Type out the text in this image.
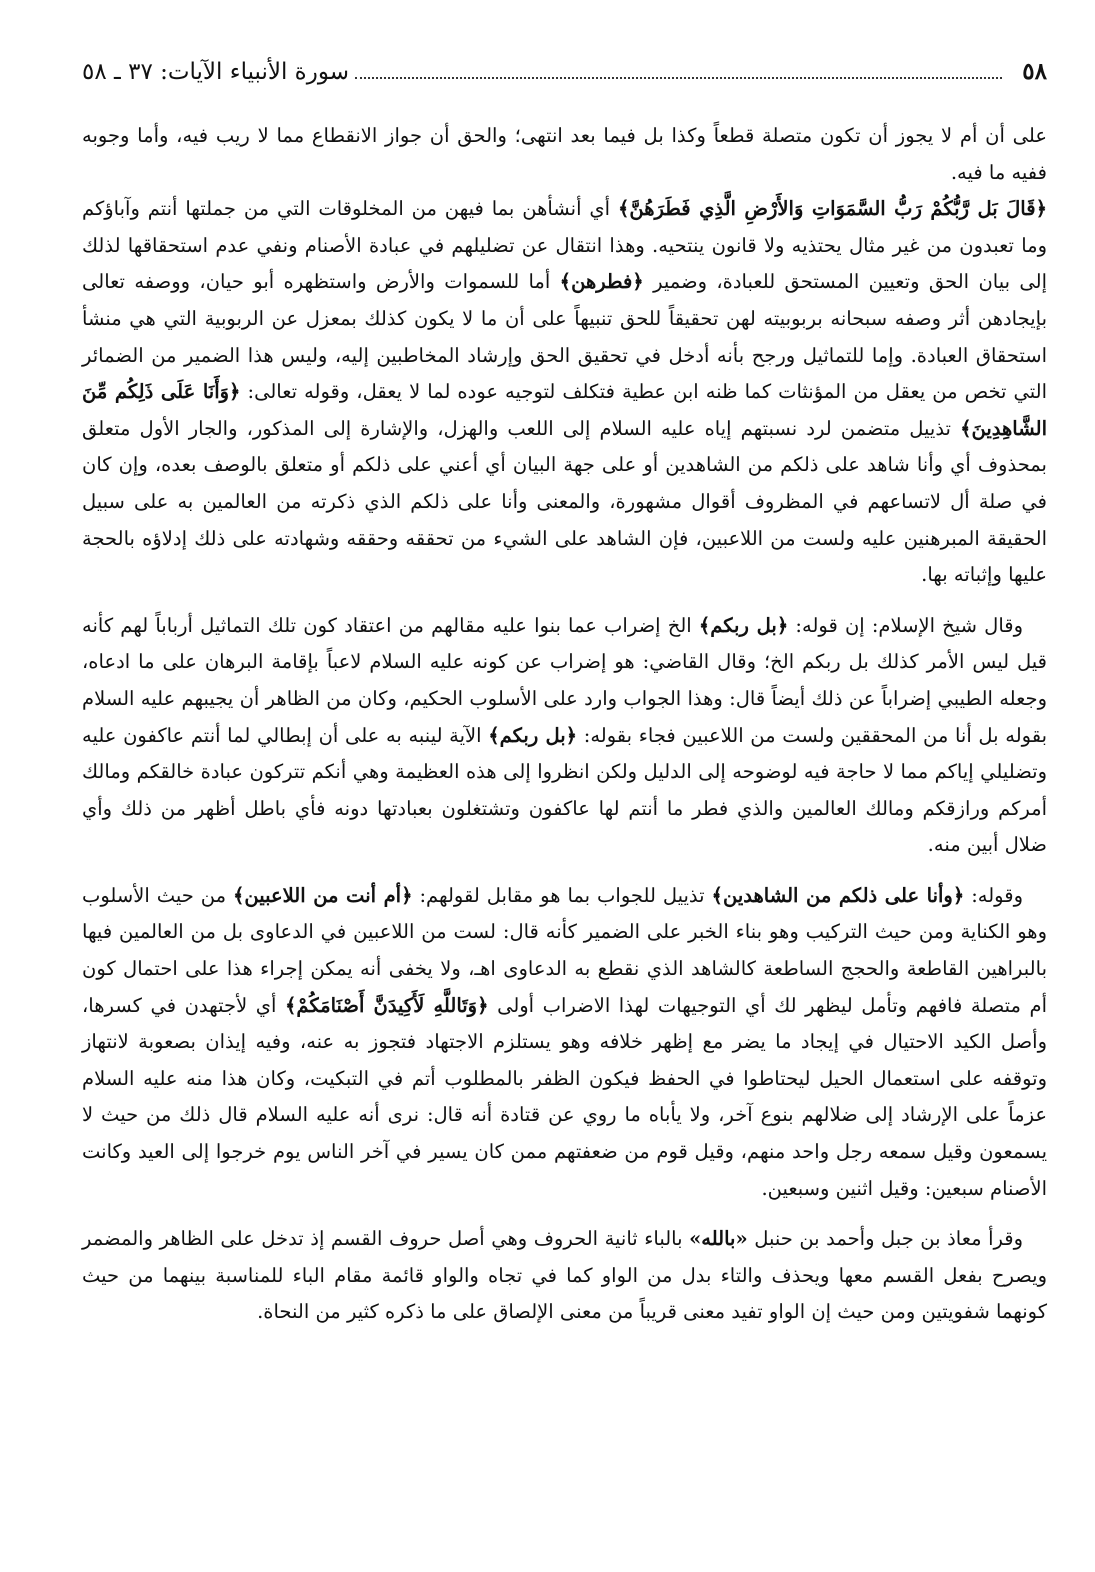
٥٨
سورة الأنبياء الآيات: ٣٧ ـ ٥٨

على أن أم لا يجوز أن تكون متصلة قطعاً وكذا بل فيما بعد انتهى؛ والحق أن جواز الانقطاع مما لا ريب فيه، وأما وجوبه ففيه ما فيه.

﴿قَالَ بَل رَّبُّكُمْ رَبُّ السَّمَوَاتِ وَالأَرْضِ الَّذِي فَطَرَهُنَّ﴾ أي أنشأهن بما فيهن من المخلوقات التي من جملتها أنتم وآباؤكم وما تعبدون من غير مثال يحتذيه ولا قانون ينتحيه. وهذا انتقال عن تضليلهم في عبادة الأصنام ونفي عدم استحقاقها لذلك إلى بيان الحق وتعيين المستحق للعبادة، وضمير ﴿فطرهن﴾ أما للسموات والأرض واستظهره أبو حيان، ووصفه تعالى بإيجادهن أثر وصفه سبحانه بربوبيته لهن تحقيقاً للحق تنبيهاً على أن ما لا يكون كذلك بمعزل عن الربوبية التي هي منشأ استحقاق العبادة. وإما للتماثيل ورجح بأنه أدخل في تحقيق الحق وإرشاد المخاطبين إليه، وليس هذا الضمير من الضمائر التي تخص من يعقل من المؤنثات كما ظنه ابن عطية فتكلف لتوجيه عوده لما لا يعقل، وقوله تعالى: ﴿وَأَنَا عَلَى ذَلِكُم مِّنَ الشَّاهِدِينَ﴾ تذييل متضمن لرد نسبتهم إياه عليه السلام إلى اللعب والهزل، والإشارة إلى المذكور، والجار الأول متعلق بمحذوف أي وأنا شاهد على ذلكم من الشاهدين أو على جهة البيان أي أعني على ذلكم أو متعلق بالوصف بعده، وإن كان في صلة أل لاتساعهم في المظروف أقوال مشهورة، والمعنى وأنا على ذلكم الذي ذكرته من العالمين به على سبيل الحقيقة المبرهنين عليه ولست من اللاعبين، فإن الشاهد على الشيء من تحققه وحققه وشهادته على ذلك إدلاؤه بالحجة عليها وإثباته بها.

وقال شيخ الإسلام: إن قوله: ﴿بل ربكم﴾ الخ إضراب عما بنوا عليه مقالهم من اعتقاد كون تلك التماثيل أرباباً لهم كأنه قيل ليس الأمر كذلك بل ربكم الخ؛ وقال القاضي: هو إضراب عن كونه عليه السلام لاعباً بإقامة البرهان على ما ادعاه، وجعله الطيبي إضراباً عن ذلك أيضاً قال: وهذا الجواب وارد على الأسلوب الحكيم، وكان من الظاهر أن يجيبهم عليه السلام بقوله بل أنا من المحققين ولست من اللاعبين فجاء بقوله: ﴿بل ربكم﴾ الآية لينبه به على أن إبطالي لما أنتم عاكفون عليه وتضليلي إياكم مما لا حاجة فيه لوضوحه إلى الدليل ولكن انظروا إلى هذه العظيمة وهي أنكم تتركون عبادة خالقكم ومالك أمركم ورازقكم ومالك العالمين والذي فطر ما أنتم لها عاكفون وتشتغلون بعبادتها دونه فأي باطل أظهر من ذلك وأي ضلال أبين منه.

وقوله: ﴿وأنا على ذلكم من الشاهدين﴾ تذييل للجواب بما هو مقابل لقولهم: ﴿أم أنت من اللاعبين﴾ من حيث الأسلوب وهو الكناية ومن حيث التركيب وهو بناء الخبر على الضمير كأنه قال: لست من اللاعبين في الدعاوى بل من العالمين فيها بالبراهين القاطعة والحجج الساطعة كالشاهد الذي نقطع به الدعاوى اهـ، ولا يخفى أنه يمكن إجراء هذا على احتمال كون أم متصلة فافهم وتأمل ليظهر لك أي التوجيهات لهذا الاضراب أولى ﴿وَتَاللَّهِ لَأَكِيدَنَّ أَصْنَامَكُمْ﴾ أي لأجتهدن في كسرها، وأصل الكيد الاحتيال في إيجاد ما يضر مع إظهر خلافه وهو يستلزم الاجتهاد فتجوز به عنه، وفيه إيذان بصعوبة لانتهاز وتوقفه على استعمال الحيل ليحتاطوا في الحفظ فيكون الظفر بالمطلوب أتم في التبكيت، وكان هذا منه عليه السلام عزماً على الإرشاد إلى ضلالهم بنوع آخر، ولا يأباه ما روي عن قتادة أنه قال: نرى أنه عليه السلام قال ذلك من حيث لا يسمعون وقيل سمعه رجل واحد منهم، وقيل قوم من ضعفتهم ممن كان يسير في آخر الناس يوم خرجوا إلى العيد وكانت الأصنام سبعين: وقيل اثنين وسبعين.

وقرأ معاذ بن جبل وأحمد بن حنبل «بالله» بالباء ثانية الحروف وهي أصل حروف القسم إذ تدخل على الظاهر والمضمر ويصرح بفعل القسم معها ويحذف والتاء بدل من الواو كما في تجاه والواو قائمة مقام الباء للمناسبة بينهما من حيث كونهما شفويتين ومن حيث إن الواو تفيد معنى قريباً من معنى الإلصاق على ما ذكره كثير من النحاة.
